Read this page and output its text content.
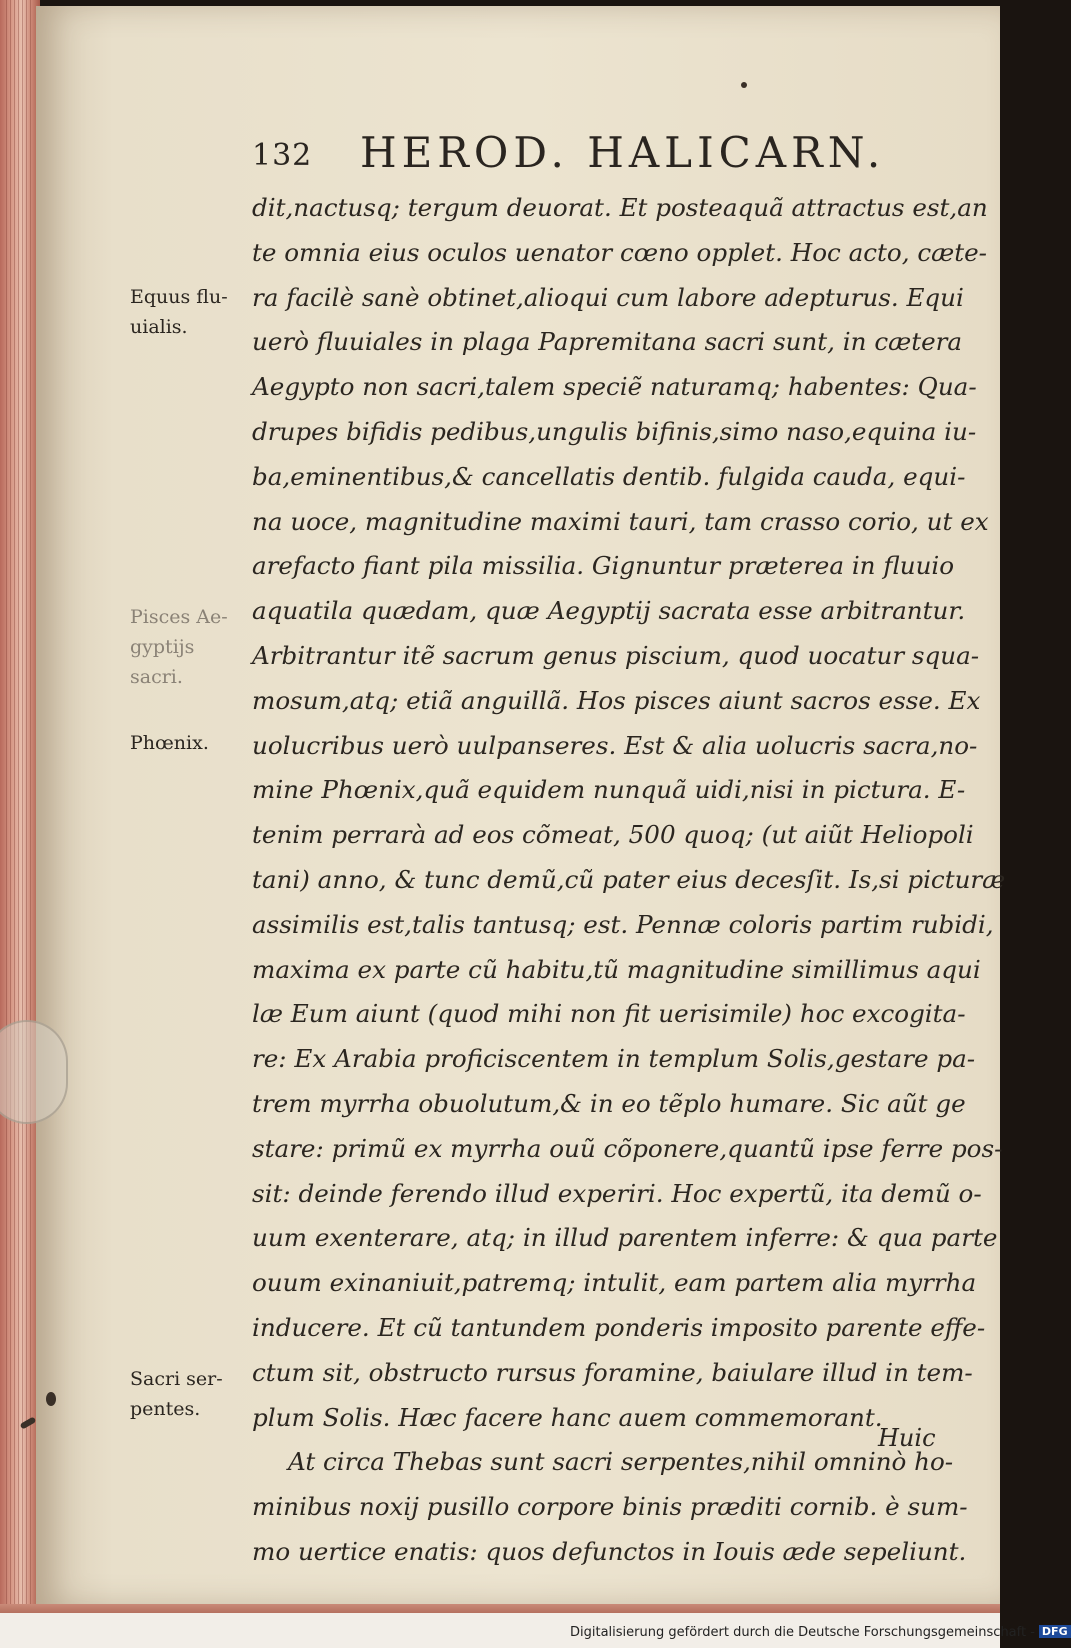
132 HEROD. HALICARN.
dit,nactusq; tergum deuorat. Et posteaquã attractus est,an
te omnia eius oculos uenator cœno opplet. Hoc acto, cæte-
ra facilè sanè obtinet,alioqui cum labore adepturus. Equi
uerò fluuiales in plaga Papremitana sacri sunt, in cætera
Aegypto non sacri,talem speciẽ naturamq; habentes: Qua-
drupes bifidis pedibus,ungulis bifinis,simo naso,equina iu-
ba,eminentibus,& cancellatis dentib. fulgida cauda, equi-
na uoce, magnitudine maximi tauri, tam crasso corio, ut ex
arefacto fiant pila missilia. Gignuntur præterea in fluuio
aquatila quædam, quæ Aegyptij sacrata esse arbitrantur.
Arbitrantur itẽ sacrum genus piscium, quod uocatur squa-
mosum,atq; etiã anguillã. Hos pisces aiunt sacros esse. Ex
uolucribus uerò uulpanseres. Est & alia uolucris sacra,no-
mine Phœnix,quã equidem nunquã uidi,nisi in pictura. E-
tenim perrarà ad eos cõmeat, 500 quoq; (ut aiũt Heliopoli
tani) anno, & tunc demũ,cũ pater eius decesſit. Is,si picturæ
assimilis est,talis tantusq; est. Pennæ coloris partim rubidi,
maxima ex parte cũ habitu,tũ magnitudine simillimus aqui
læ Eum aiunt (quod mihi non fit uerisimile) hoc excogita-
re: Ex Arabia proficiscentem in templum Solis,gestare pa-
trem myrrha obuolutum,& in eo tẽplo humare. Sic aũt ge
stare: primũ ex myrrha ouũ cõponere,quantũ ipse ferre pos-
sit: deinde ferendo illud experiri. Hoc expertũ, ita demũ o-
uum exenterare, atq; in illud parentem inferre: & qua parte
ouum exinaniuit,patremq; intulit, eam partem alia myrrha
inducere. Et cũ tantundem ponderis imposito parente effe-
ctum sit, obstructo rursus foramine, baiulare illud in tem-
plum Solis. Hæc facere hanc auem commemorant.
At circa Thebas sunt sacri serpentes,nihil omninò ho-
minibus noxij pusillo corpore binis præditi cornib. è sum-
mo uertice enatis: quos defunctos in Iouis æde sepeliunt.
Equus flu-
uialis.
Pisces Ae-
gyptijs
sacri.
Phœnix.
Sacri ser-
pentes.
Huic
Digitalisierung gefördert durch die Deutsche Forschungsgemeinschaft - DFG
